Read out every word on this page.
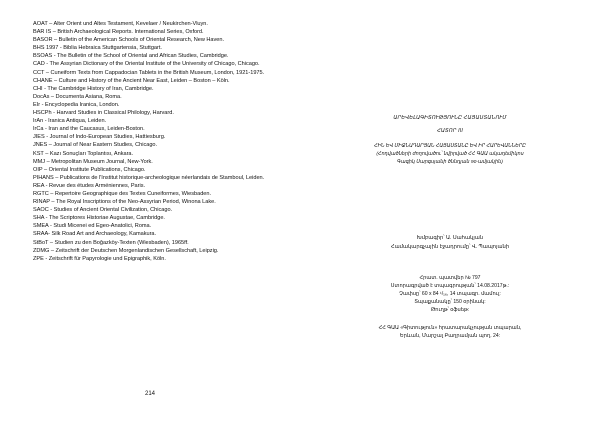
AOAT – Alter Orient und Altes Testament, Kevelaer / Neukirchen-Vluyn.
BAR IS – British Archaeological Reports. International Series, Oxford.
BASOR – Bulletin of the American Schools of Oriental Research, New Haven.
BHS 1997 - Biblia Hebraica Stuttgartensia, Stuttgart.
BSOAS - The Bulletin of the School of Oriental and African Studies, Cambridge.
CAD - The Assyrian Dictionary of the Oriental Institute of the University of Chicago, Chicago.
CCT – Cuneiform Texts from Cappadocian Tablets in the British Museum, London, 1921-1975.
CHANE – Culture and History of the Ancient Near East, Leiden – Boston – Köln.
CHI - The Cambridge History of Iran, Cambridge.
DocAs – Documenta Asiana, Roma.
EIr - Encyclopedia Iranica, London.
HSCPh - Harvard Studies in Classical Philology, Harvard.
IrAn - Iranica Antiqua, Leiden.
IrCa - Iran and the Caucasus, Leiden-Boston.
JIES - Journal of Indo-European Studies, Hattiesburg.
JNES – Journal of Near Eastern Studies, Chicago.
KST – Kazı Sonuçları Toplantısı, Ankara.
MMJ – Metropolitan Museum Journal, New-York.
OIP – Oriental Institute Publications, Chicago.
PIHANS – Publications de l'Institut historique-archeologique néerlandais de Stamboul, Leiden.
REA - Revue des études Arméniennes, Paris.
RGTC – Repertoire Geographique des Textes Cuneiformes, Wiesbaden.
RINAP – The Royal Inscriptions of the Neo-Assyrian Period, Winona Lake.
SAOC - Studies of Ancient Oriental Civilization, Chicago.
SHA - The Scriptores Historiae Augustae, Cambridge.
SMEA - Studi Micenei ed Egeo-Anatolici, Roma.
SRAA- Silk Road Art and Archaeology, Kamakura.
StBoT – Studien zu den Boğazköy-Texten (Wiesbaden), 1965ff.
ZDMG – Zeitschrift der Deutschen Morgenlandischen Gesellschaft, Leipzig.
ZPE - Zeitschrift für Papyrologie und Epigraphik, Köln.
214
ԱՐԵՎԵԼԱԳԻՏՈՒԹՅՈՒՆԸ ՀԱՅԱՍՏԱՆՈՒՄ
ՀԱՏՈՐ III
ՀԻՆ ԵՎ ՄԻՋՆԱԴԱՐՅԱՆ ՀԱՅԱՍՏԱՆԸ ԵՎ ԻՐ ՀԱՐԵՎԱՆՆԵՐԸ
(Հոդվածների ժողովածու՝ նվիրված ՀՀ ԳԱԱ ակադեմիկոս
Գագիկ Սարգսյանի ծննդյան 90-ամյակին)
Խմբագիր՝ Ա. Սահակյան
Համակարգչային էջադրումը՝ Վ. Պապոյանի
Հրատ. պատվեր № 797
Ստորագրված է տպագրության՝ 14.08.2017թ.:
Չափսը՝ 60 x 84 ¹/₁₆, 14 տպագր. մամուլ:
Տպաքանակը՝ 150 օրինակ:
Թուղթ՝ օֆսեթ:
ՀՀ ԳԱԱ «Գիտություն» հրատարակչության տպարան,
Երևան, Մարշալ Բաղրամյան պող. 24:
